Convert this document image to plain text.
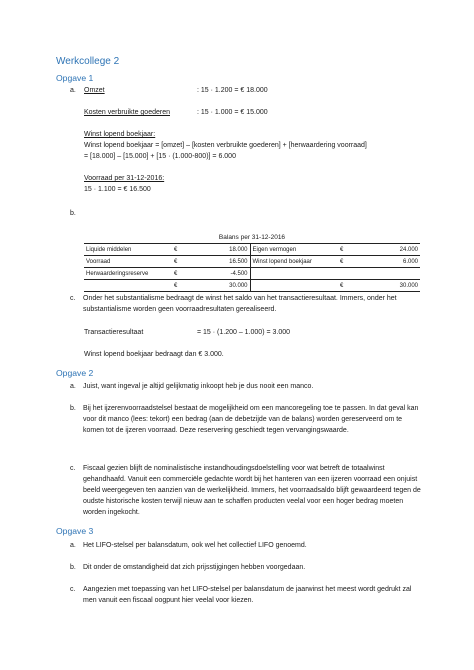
Werkcollege 2
Opgave 1
a. Omzet	: 15 · 1.200 = € 18.000
Kosten verbruikte goederen	: 15 · 1.000 = € 15.000
Winst lopend boekjaar:
Winst lopend boekjaar = [omzet] – [kosten verbruikte goederen] + [herwaardering voorraad]
= [18.000] – [15.000] + [15 · (1.000-800)] = 6.000
Voorraad per 31-12-2016:
15 · 1.100 = € 16.500
b.
Balans per 31-12-2016
Liquide middelen	€	18.000	Eigen vermogen	€	24.000
Voorraad	€	16.500	Winst lopend boekjaar	€	6.000
Herwaarderingsreserve	€	-4.500			
	€	30.000		€	30.000
c. Onder het substantialisme bedraagt de winst het saldo van het transactieresultaat. Immers, onder het substantialisme worden geen voorraadresultaten gerealiseerd.
Transactieresultaat	= 15 · (1.200 – 1.000) = 3.000
Winst lopend boekjaar bedraagt dan € 3.000.
Opgave 2
a. Juist, want ingeval je altijd gelijkmatig inkoopt heb je dus nooit een manco.
b. Bij het ijzerenvoorraadstelsel bestaat de mogelijkheid om een mancoregeling toe te passen. In dat geval kan voor dit manco (lees: tekort) een bedrag (aan de debetzijde van de balans) worden gereserveerd om te komen tot de ijzeren voorraad. Deze reservering geschiedt tegen vervangingswaarde.
c. Fiscaal gezien blijft de nominalistische instandhoudingsdoelstelling voor wat betreft de totaalwinst gehandhaafd. Vanuit een commerciële gedachte wordt bij het hanteren van een ijzeren voorraad een onjuist beeld weergegeven ten aanzien van de werkelijkheid. Immers, het voorraadsaldo blijft gewaardeerd tegen de oudste historische kosten terwijl nieuw aan te schaffen producten veelal voor een hoger bedrag moeten worden ingekocht.
Opgave 3
a. Het LIFO-stelsel per balansdatum, ook wel het collectief LIFO genoemd.
b. Dit onder de omstandigheid dat zich prijsstijgingen hebben voorgedaan.
c. Aangezien met toepassing van het LIFO-stelsel per balansdatum de jaarwinst het meest wordt gedrukt zal men vanuit een fiscaal oogpunt hier veelal voor kiezen.
